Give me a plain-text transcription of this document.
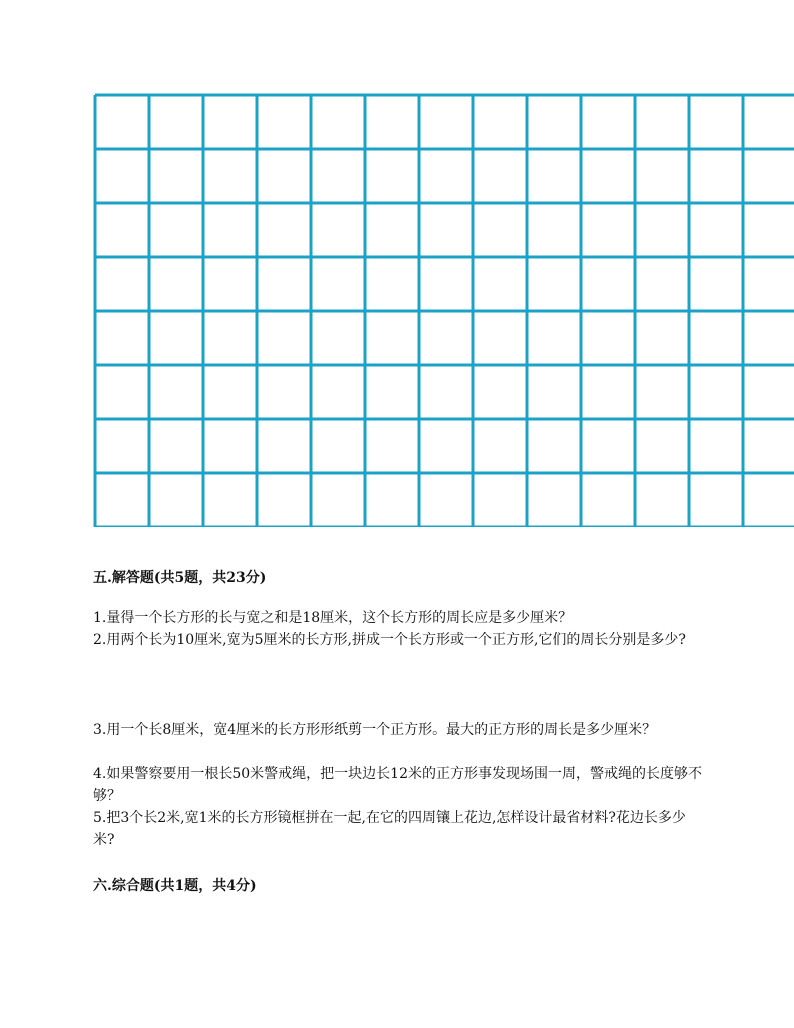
五.解答题(共5题，共23分)
1.量得一个长方形的长与宽之和是18厘米，这个长方形的周长应是多少厘米？
2.用两个长为10厘米,宽为5厘米的长方形,拼成一个长方形或一个正方形,它们的周长分别是多少?
3.用一个长8厘米，宽4厘米的长方形形纸剪一个正方形。最大的正方形的周长是多少厘米？
4.如果警察要用一根长50米警戒绳，把一块边长12米的正方形事发现场围一周，警戒绳的长度够不够？
5.把3个长2米,宽1米的长方形镜框拼在一起,在它的四周镶上花边,怎样设计最省材料?花边长多少米?
六.综合题(共1题，共4分)
